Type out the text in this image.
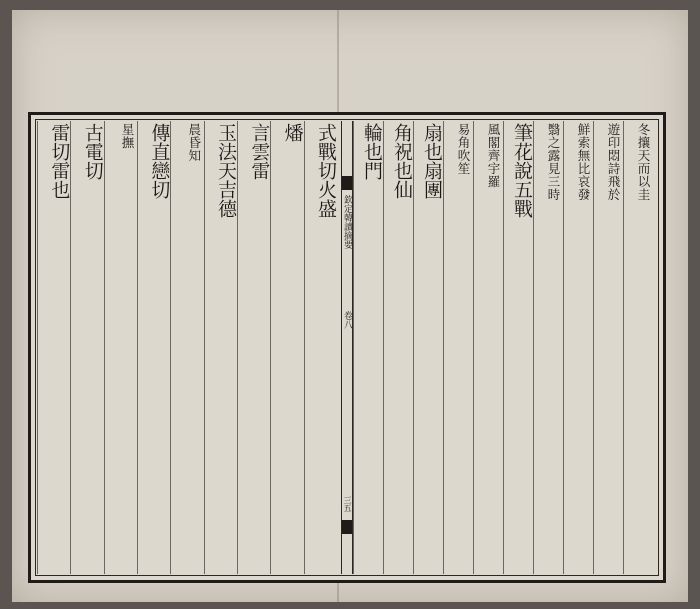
冬攘天而以圭
遊印悶詩飛於
鮮索無比哀發
翳之露見三時
筆花說五戰
風閣齊宇羅
易角吹笙
扇也扇團
角祝也仙
輪也門
欽定韓讀摘要
卷八
三五
式戰切火盛
燔
言雲雷
玉法天吉德
晨昏知
傳直戀切
星撫
古電切
雷切雷也
